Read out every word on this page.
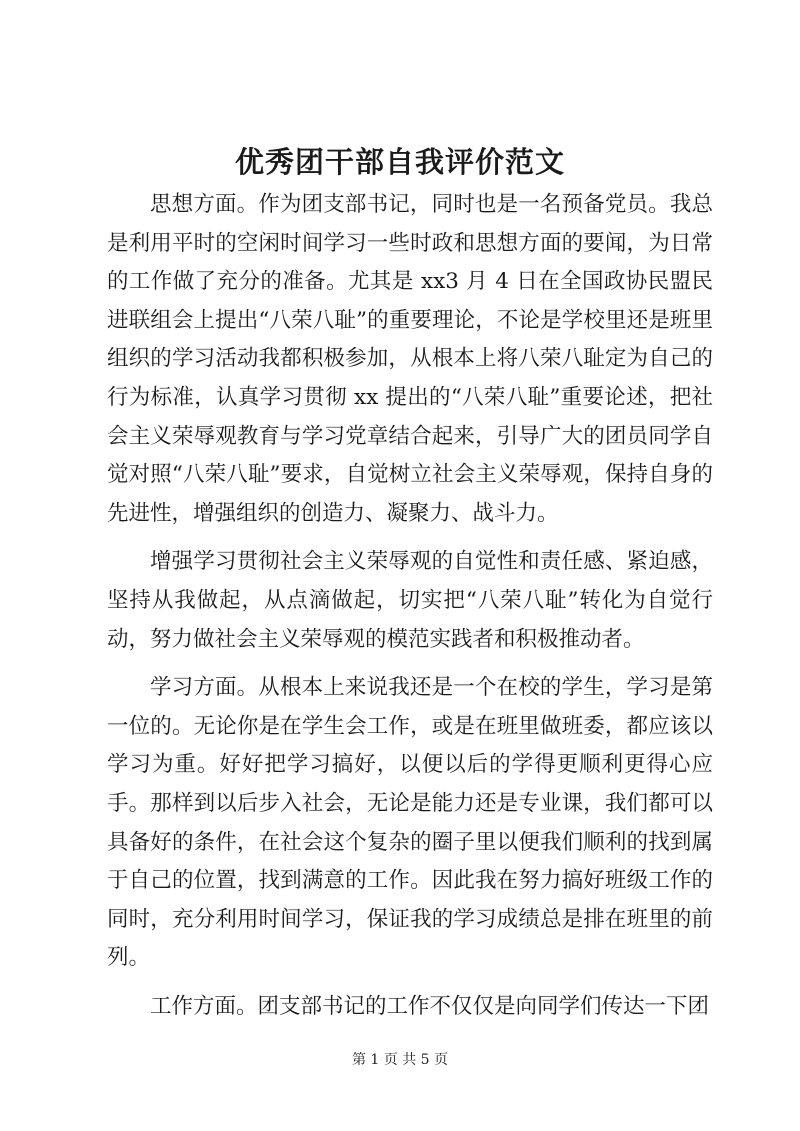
优秀团干部自我评价范文

思想方面。作为团支部书记，同时也是一名预备党员。我总是利用平时的空闲时间学习一些时政和思想方面的要闻，为日常的工作做了充分的准备。尤其是 xx3 月 4 日在全国政协民盟民进联组会上提出“八荣八耻”的重要理论，不论是学校里还是班里组织的学习活动我都积极参加，从根本上将八荣八耻定为自己的行为标准，认真学习贯彻 xx 提出的“八荣八耻”重要论述，把社会主义荣辱观教育与学习党章结合起来，引导广大的团员同学自觉对照“八荣八耻”要求，自觉树立社会主义荣辱观，保持自身的先进性，增强组织的创造力、凝聚力、战斗力。

增强学习贯彻社会主义荣辱观的自觉性和责任感、紧迫感，坚持从我做起，从点滴做起，切实把“八荣八耻”转化为自觉行动，努力做社会主义荣辱观的模范实践者和积极推动者。

学习方面。从根本上来说我还是一个在校的学生，学习是第一位的。无论你是在学生会工作，或是在班里做班委，都应该以学习为重。好好把学习搞好，以便以后的学得更顺利更得心应手。那样到以后步入社会，无论是能力还是专业课，我们都可以具备好的条件，在社会这个复杂的圈子里以便我们顺利的找到属于自己的位置，找到满意的工作。因此我在努力搞好班级工作的同时，充分利用时间学习，保证我的学习成绩总是排在班里的前列。

工作方面。团支部书记的工作不仅仅是向同学们传达一下团

第 1 页 共 5 页
